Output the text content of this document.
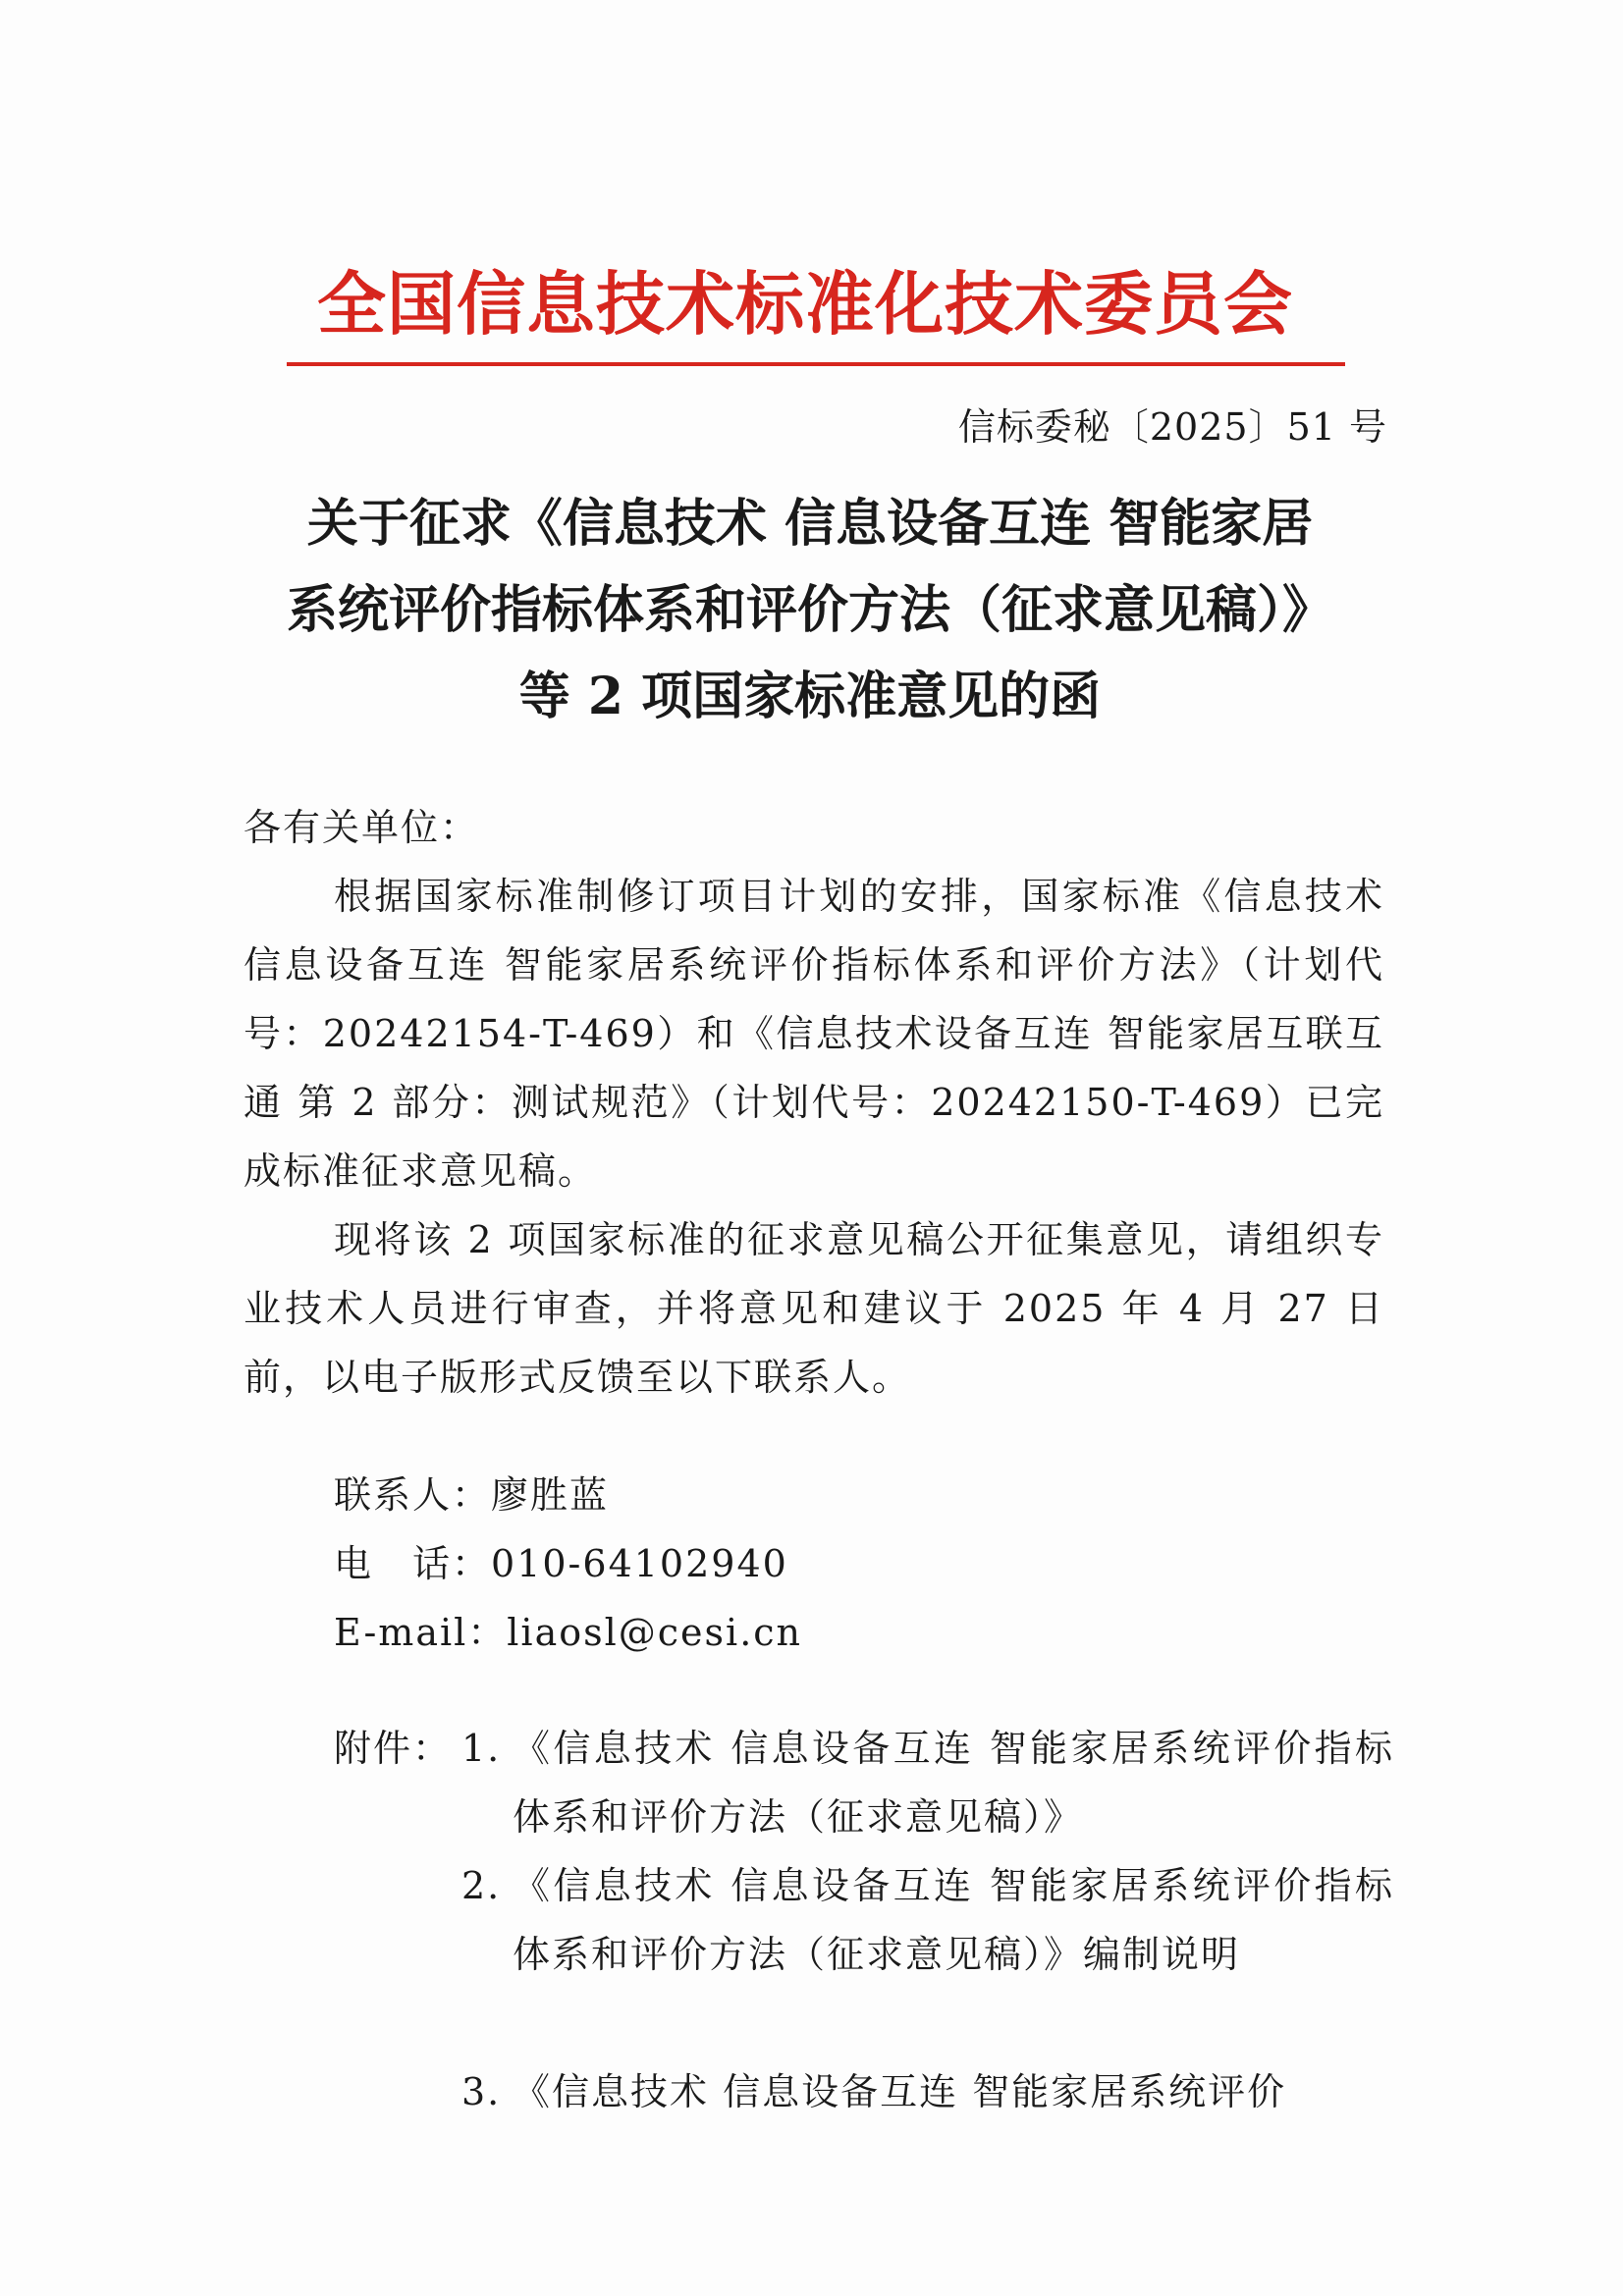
全国信息技术标准化技术委员会
信标委秘〔2025〕51 号
关于征求《信息技术 信息设备互连 智能家居
系统评价指标体系和评价方法（征求意见稿）》
等 2 项国家标准意见的函
各有关单位：
根据国家标准制修订项目计划的安排，国家标准《信息技术 信息设备互连 智能家居系统评价指标体系和评价方法》（计划代号：20242154-T-469）和《信息技术设备互连 智能家居互联互通 第 2 部分：测试规范》（计划代号：20242150-T-469）已完成标准征求意见稿。
现将该 2 项国家标准的征求意见稿公开征集意见，请组织专业技术人员进行审查，并将意见和建议于 2025 年 4 月 27 日前，以电子版形式反馈至以下联系人。
联系人：廖胜蓝
电　话：010-64102940
E-mail：liaosl@cesi.cn
附件： 1. 《信息技术 信息设备互连 智能家居系统评价指标体系和评价方法（征求意见稿）》
2. 《信息技术 信息设备互连 智能家居系统评价指标体系和评价方法（征求意见稿）》编制说明
3. 《信息技术 信息设备互连 智能家居系统评价
